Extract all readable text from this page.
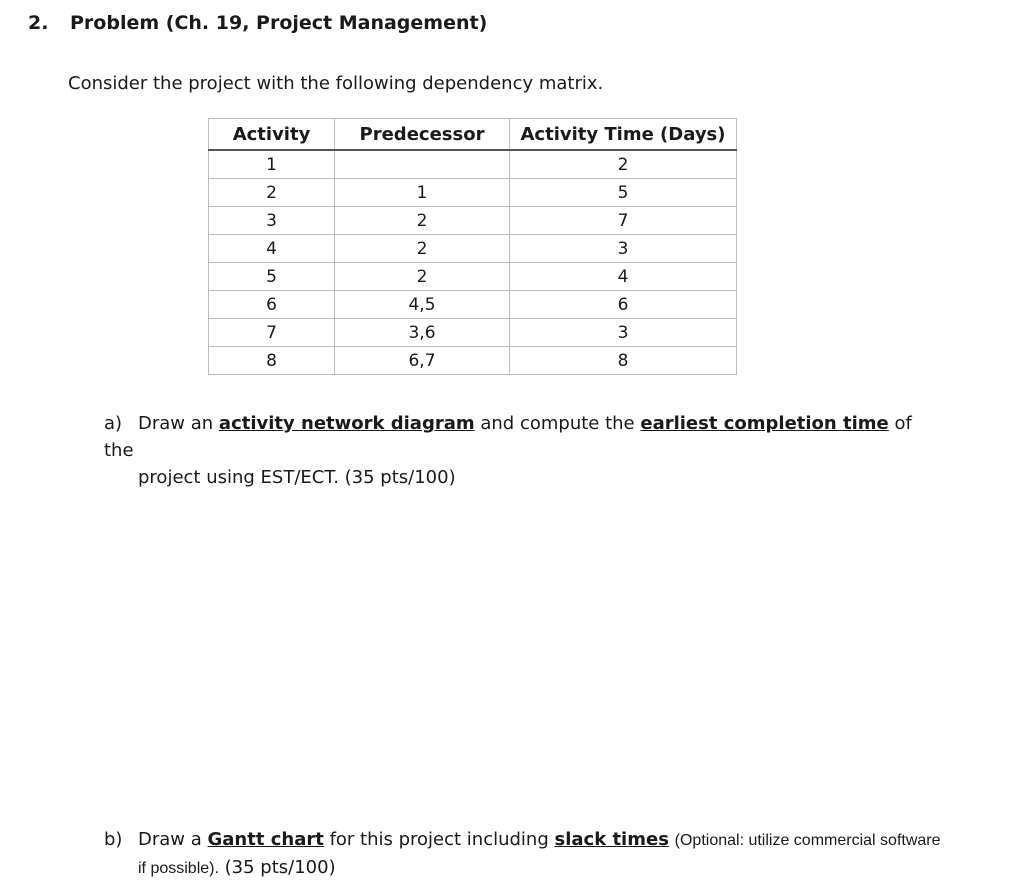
2. Problem (Ch. 19, Project Management)
Consider the project with the following dependency matrix.
Activity	Predecessor	Activity Time (Days)
1		2
2	1	5
3	2	7
4	2	3
5	2	4
6	4,5	6
7	3,6	3
8	6,7	8
a) Draw an activity network diagram and compute the earliest completion time of the
project using EST/ECT. (35 pts/100)
b) Draw a Gantt chart for this project including slack times (Optional: utilize commercial software
if possible). (35 pts/100)
